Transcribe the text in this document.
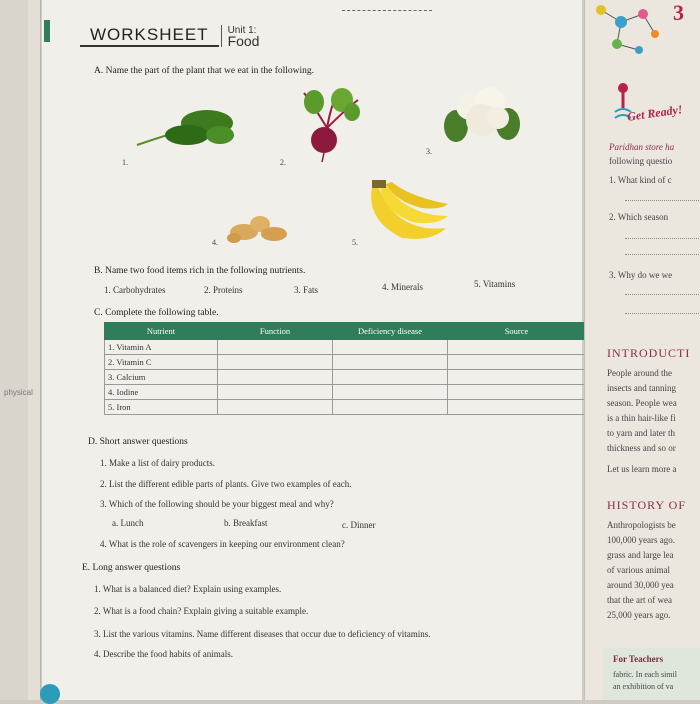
physical
WORKSHEET	Unit 1:
Food
A. Name the part of the plant that we eat in the following.
1.	2.
3.
4.	5.
B. Name two food items rich in the following nutrients.
1. Carbohydrates	2. Proteins	3. Fats	4. Minerals	5. Vitamins
C. Complete the following table.
Nutrient	Function	Deficiency disease	Source
1. Vitamin A			
2. Vitamin C			
3. Calcium			
4. Iodine			
5. Iron			
D. Short answer questions
1. Make a list of dairy products.
2. List the different edible parts of plants. Give two examples of each.
3. Which of the following should be your biggest meal and why?
a. Lunch	b. Breakfast	c. Dinner
4. What is the role of scavengers in keeping our environment clean?
E. Long answer questions
1. What is a balanced diet? Explain using examples.
2. What is a food chain? Explain giving a suitable example.
3. List the various vitamins. Name different diseases that occur due to deficiency of vitamins.
4. Describe the food habits of animals.
3
Get Ready!
Paridhan store ha
following questio
1. What kind of c
2. Which season
3. Why do we we
INTRODUCTI
People around the
insects and tanning
season. People wea
is a thin hair-like fi
to yarn and later th
thickness and so or
Let us learn more a
HISTORY OF
Anthropologists be
100,000 years ago.
grass and large lea
of various animal
around 30,000 yea
that the art of wea
25,000 years ago.
For Teachers
fabric. In each simil
an exhibition of va
